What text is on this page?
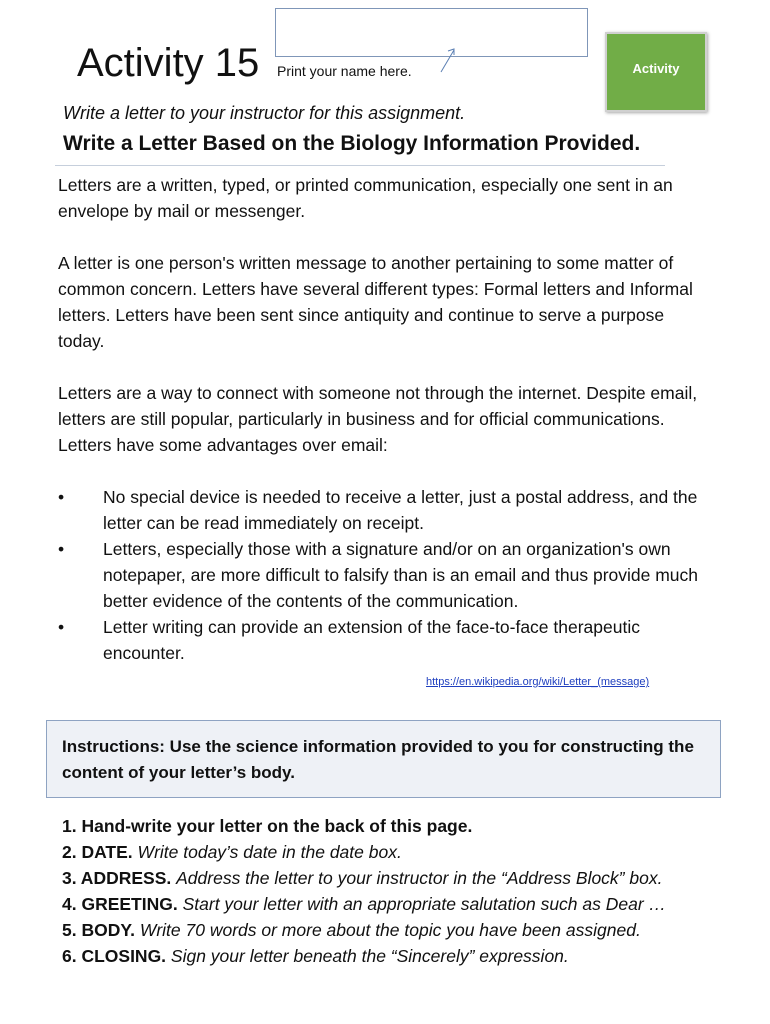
Activity 15 Print your name here.	Activity
Write a letter to your instructor for this assignment.
Write a Letter Based on the Biology Information Provided.
Letters are a written, typed, or printed communication, especially one sent in an envelope by mail or messenger.
A letter is one person's written message to another pertaining to some matter of common concern. Letters have several different types: Formal letters and Informal letters. Letters have been sent since antiquity and continue to serve a purpose today.
Letters are a way to connect with someone not through the internet. Despite email, letters are still popular, particularly in business and for official communications. Letters have some advantages over email:
• No special device is needed to receive a letter, just a postal address, and the letter can be read immediately on receipt.
• Letters, especially those with a signature and/or on an organization's own notepaper, are more difficult to falsify than is an email and thus provide much better evidence of the contents of the communication.
• Letter writing can provide an extension of the face-to-face therapeutic encounter.
https://en.wikipedia.org/wiki/Letter_(message)
Instructions: Use the science information provided to you for constructing the content of your letter’s body.
1. Hand-write your letter on the back of this page.
2. DATE. Write today’s date in the date box.
3. ADDRESS. Address the letter to your instructor in the “Address Block” box.
4. GREETING. Start your letter with an appropriate salutation such as Dear …
5. BODY. Write 70 words or more about the topic you have been assigned.
6. CLOSING. Sign your letter beneath the “Sincerely” expression.
